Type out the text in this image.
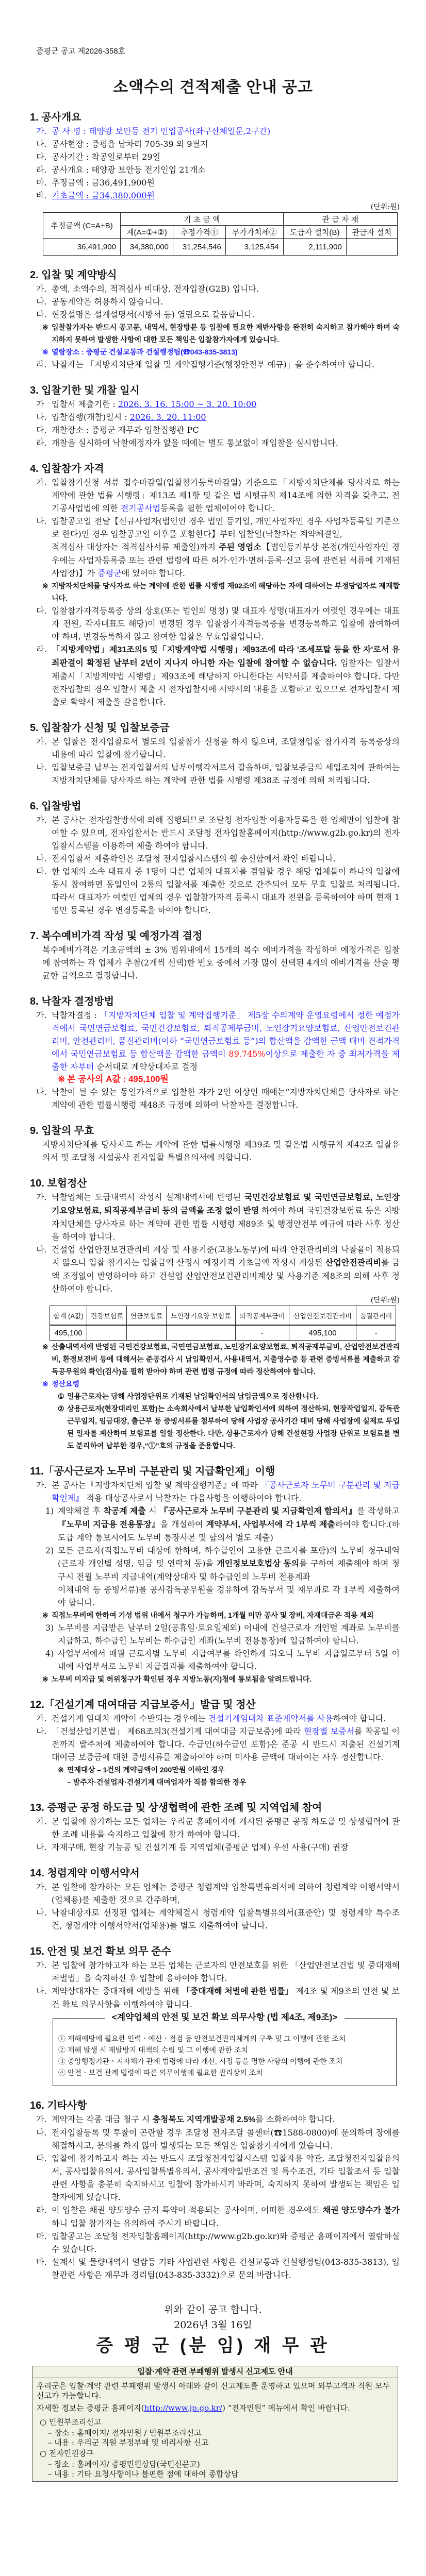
증평군 공고 제2026-358호
소액수의 견적제출 안내 공고
1. 공사개요
가. 공 사 명 : 태양광 보안등 전기 인입공사(좌구산체일문,2구간)
나. 공사현장 : 증평읍 남차리 705-39 외 9필지
다. 공사기간 : 착공일로부터 29일
라. 공사개요 : 태양광 보안등 전기인입 21개소
마. 추정금액 : 금36,491,900원
바. 기초금액 : 금34,380,000원
(단위:원)
추정금액 (C=A+B)	기 초 금 액			관 급 자 재	
	계(A=①+②)	추정가격①	부가가치세②	도급자 설치(B)	관급자 설치
36,491,900	34,380,000	31,254,546	3,125,454	2,111,900	
2. 입찰 및 계약방식
가. 총액, 소액수의, 적격심사 비대상, 전자입찰(G2B) 입니다.
나. 공동계약은 허용하지 않습니다.
다. 현장설명은 설계설명서(시방서 등) 열람으로 갈음합니다.
※ 입찰참가자는 반드시 공고문, 내역서, 현장방문 등 입찰에 필요한 제반사항을 완전히 숙지하고 참가해야 하며 숙지하지 못하여 발생한 사항에 대한 모든 책임은 입찰참가자에게 있습니다.
※ 열람장소 : 증평군 건설교통과 건설행정팀(☎043-835-3813)
라. 낙찰자는 「지방자치단체 입찰 및 계약집행기준(행정안전부 예규)」을 준수하여야 합니다.
3. 입찰기한 및 개찰 일시
가 입찰서 제출기한 : 2026. 3. 16. 15:00 ~ 3. 20. 10:00
나. 입찰집행(개찰)일시 : 2026. 3. 20. 11:00
다. 개찰장소 : 증평군 재무과 입찰집행관 PC
라. 개찰을 실시하여 낙찰예정자가 없을 때에는 별도 통보없이 재입찰을 실시합니다.
4. 입찰참가 자격
가. 입찰참가신청 서류 접수마감일(입찰참가등록마감일) 기준으로「지방자치단체를 당사자로 하는 계약에 관한 법률 시행령」제13조 제1항 및 같은 법 시행규칙 제14조에 의한 자격을 갖추고, 전기공사업법에 의한 전기공사업등록을 필한 업체이어야 합니다.
나. 입찰공고일 전날【신규사업자(법인인 경우 법인 등기일, 개인사업자인 경우 사업자등록일 기준으로 한다)인 경우 입찰공고일 이후를 포함한다】부터 입찰일(낙찰자는 계약체결일,
적격심사 대상자는 적격심사서류 제출일)까지 주된 영업소【법인등기부상 본점(개인사업자인 경우에는 사업자등록증 또는 관련 법령에 따른 허가·인가·면허·등록·신고 등에 관련된 서류에 기재된 사업장)】가 증평군에 있어야 합니다.
※ 지방자치단체를 당사자로 하는 계약에 관한 법률 시행령 제92조에 해당하는 자에 대하여는 부정당업자로 제재합니다.
다. 입찰참가자격등록증 상의 상호(또는 법인의 명칭) 및 대표자 성명(대표자가 여럿인 경우에는 대표자 전원, 각자대표도 해당)이 변경된 경우 입찰참가자격등록증을 변경등록하고 입찰에 참여하여야 하며, 변경등록하지 않고 참여한 입찰은 무효입찰입니다.
라. 「지방계약법」제31조의5 및「지방계약법 시행령」제93조에 따라 '조세포탈 등을 한 자'로서 유죄판결이 확정된 날부터 2년이 지나지 아니한 자는 입찰에 참여할 수 없습니다. 입찰자는 입찰서 제출시「지방계약법 시행령」제93조에 해당하지 아니한다는 서약서를 제출하여야 합니다. 다만 전자입찰의 경우 입찰서 제출 시 전자입찰서에 서약서의 내용을 포함하고 있으므로 전자입찰서 제출로 확약서 제출을 갈음합니다.
5. 입찰참가 신청 및 입찰보증금
가. 본 입찰은 전자입찰로서 별도의 입찰참가 신청을 하지 않으며, 조달청입찰 참가자격 등록증상의 내용에 따라 입찰에 참가합니다.
나. 입찰보증금 납부는 전자입찰서의 납부이행각서로서 갈음하며, 입찰보증금의 세입조치에 관하여는 지방자치단체를 당사자로 하는 계약에 관한 법률 시행령 제38조 규정에 의해 처리됩니다.
6. 입찰방법
가. 본 공사는 전자입찰방식에 의해 집행되므로 조달청 전자입찰 이용자등록을 한 업체만이 입찰에 참여할 수 있으며, 전자입찰서는 반드시 조달청 전자입찰홈페이지(http://www.g2b.go.kr)의 전자입찰시스템을 이용하여 제출 하여야 합니다.
나. 전자입찰서 제출확인은 조달청 전자입찰시스템의 웹 송신함에서 확인 바랍니다.
다. 한 업체의 소속 대표자 중 1명이 다른 업체의 대표자를 겸임할 경우 해당 업체들이 하나의 입찰에 동시 참여하면 동일인이 2통의 입찰서를 제출한 것으로 간주되어 모두 무효 입찰로 처리됩니다. 따라서 대표자가 여럿인 업체의 경우 입찰참가자격 등록시 대표자 전원을 등록하여야 하며 현재 1명만 등록된 경우 변경등록을 하여야 합니다.
7. 복수예비가격 작성 및 예정가격 결정
복수예비가격은 기초금액의 ± 3% 범위내에서 15개의 복수 예비가격을 작성하며 예정가격은 입찰에 참여하는 각 업체가 추첨(2개씩 선택)한 번호 중에서 가장 많이 선택된 4개의 예비가격을 산술 평균한 금액으로 결정합니다.
8. 낙찰자 결정방법
가. 낙찰자결정 : 「지방자치단체 입찰 및 계약집행기준」 제5장 수의계약 운영요령에서 정한 예정가격에서 국민연금보험료, 국민건강보험료, 퇴직공제부금비, 노인장기요양보험료, 산업안전보건관리비, 안전관리비, 품질관리비(이하 “국민연금보험료 등”)의 합산액을 감액한 금액 대비 견적가격에서 국민연금보험료 등 합산액을 감액한 금액이 89.745%이상으로 제출한 자 중 최저가격을 제출한 자부터 순서대로 계약상대자로 결정
※ 본 공사의 A값 : 495,100원
나. 낙찰이 될 수 있는 동일가격으로 입찰한 자가 2인 이상인 때에는“지방자치단체를 당사자로 하는 계약에 관한 법률시행령 제48조 규정에 의하여 낙찰자를 결정합니다.
9. 입찰의 무효
지방자치단체를 당사자로 하는 계약에 관한 법률시행령 제39조 및 같은법 시행규칙 제42조 입찰유의서 및 조달청 시설공사 전자입찰 특별유의서에 의합니다.
10. 보험정산
가. 낙찰업체는 도급내역서 작성시 설계내역서에 반영된 국민건강보험료 및 국민연금보험료, 노인장기요양보험료, 퇴직공제부금비 등의 금액을 조정 없이 반영 하여야 하며 국민건강보험료 등은 지방자치단체를 당사자로 하는 계약에 관한 법률 시행령 제89조 및 행정안전부 예규에 따라 사후 정산을 하여야 합니다.
나. 건설업 산업안전보건관리비 계상 및 사용기준(고용노동부)에 따라 안전관리비의 낙찰율이 적용되지 않으니 입찰 참가자는 입찰금액 산정시 예정가격 기초금액 작성시 계상된 산업안전관리비를 금액 조정없이 반영하여야 하고 건설업 산업안전보건관리비계상 및 사용기준 제8조의 의해 사후 정산하여야 합니다.
(단위:원)
합계 (A값)	건강보험료	연금보험료	노인장기요양 보험료	퇴직공제부금비	산업안전보건관리비	품질관리비
495,100				-	495,100	-
※ 산출내역서에 반영된 국민건강보험료, 국민연금보험료, 노인장기요양보험료, 퇴직공제부금비, 산업안전보건관리비, 환경보전비 등에 대해서는 준공검사 시 납입확인서, 사용내역서, 지출영수증 등 관련 증빙서류를 제출하고 감독공무원의 확인(검사)을 필히 받아야 하며 관련 법령 규정에 따라 정산하여야 합니다.
※ 정산요령
① 일용근로자는 당해 사업장단위로 기재된 납입확인서의 납입금액으로 정산합니다.
② 상용근로자(현장대리인 포함)는 소속회사에서 납부한 납입확인서에 의하여 정산하되, 현장작업일지, 감독관근무일지, 임금대장, 출근부 등 증빙서류를 첨부하여 당해 사업장 공사기간 대비 당해 사업장에 실제로 투입된 일자를 계산하여 보험료를 일할 정산한다. 다만, 상용근로자가 당해 건설현장 사업장 단위로 보험료를 별도 분리하여 납부한 경우,“①”호의 규정을 준용합니다.
11.「공사근로자 노무비 구분관리 및 지급확인제」이행
가. 본 공사는『지방자치단체 입찰 및 계약집행기준』에 따라 『공사근로자 노무비 구분관리 및 지급확인제』 적용 대상공사로서 낙찰자는 다음사항을 이행하여야 합니다.
1) 계약체결 후 착공계 제출 시 『공사근로자 노무비 구분관리 및 지급확인제 합의서』를 작성하고 『노무비 지급용 전용통장』을 개설하여 계약부서, 사업부서에 각 1부씩 제출하여야 합니다.(하도급 계약 통보시에도 노무비 통장사본 및 합의서 별도 제출)
2) 모든 근로자(직접노무비 대상에 한하며, 하수급인이 고용한 근로자를 포함)의 노무비 청구내역(근로자 개인별 성명, 임금 및 연락처 등)을 개인정보보호법상 동의를 구하여 제출해야 하며 청구시 전월 노무비 지급내역(계약상대자 및 하수급인의 노무비 전용계좌
이체내역 등 증빙서류)를 공사감독공무원을 경유하여 감독부서 및 재무과로 각 1부씩 제출하여야 합니다.
※ 직접노무비에 한하여 기성 범위 내에서 청구가 가능하며, 1개월 미만 공사 및 장비, 자재대금은 적용 제외
3) 노무비를 지급받은 날부터 2일(공휴일·토요일제외) 이내에 건설근로자 개인별 계좌로 노무비를 지급하고, 하수급인 노무비는 하수급인 계좌(노무비 전용통장)에 입금하여야 합니다.
4) 사업부서에서 매월 근로자별 노무비 지급여부를 확인하게 되오니 노무비 지급일로부터 5일 이내에 사업부서로 노무비 지급결과를 제출하여야 합니다.
※ 노무비 미지급 및 허위청구가 확인된 경우 지방노동(지)청에 통보됨을 알려드립니다.
12.「건설기계 대여대금 지급보증서」발급 및 정산
가. 건설기계 임대차 계약이 수반되는 경우에는 건설기계임대차 표준계약서를 사용하여야 합니다.
나. 「건설산업기본법」 제68조의3(건설기계 대여대금 지급보증)에 따라 현장별 보증서를 착공일 이전까지 발주처에 제출하여야 합니다. 수급인(하수급인 포함)은 준공 시 반드시 지출된 건설기계 대여금 보증금에 대한 증빙서류를 제출하여야 하며 미사용 금액에 대하여는 사후 정산합니다.
※ 면제대상 – 1건의 계약금액이 200만원 이하인 경우
– 발주자·건설업자·건설기계 대여업자가 직불 합의한 경우
13. 증평군 공정 하도급 및 상생협력에 관한 조례 및 지역업체 참여
가. 본 입찰에 참가하는 모든 업체는 우리군 홈페이지에 게시된 증평군 공정 하도급 및 상생협력에 관한 조례 내용을 숙지하고 입찰에 참가 하여야 합니다.
나. 자재구매, 현장 기능공 및 건설기계 등 지역업체(증평군 업체) 우선 사용(구매) 권장
14. 청렴계약 이행서약서
가. 본 입찰에 참가하는 모든 업체는 증평군 청렴계약 입찰특별유의서에 의하여 청렴계약 이행서약서(업체용)를 제출한 것으로 간주하며,
나. 낙찰대상자로 선정된 업체는 계약체결시 청렴계약 입찰특별유의서(표준안) 및 청렴계약 특수조건, 청렴계약 이행서약서(업체용)를 별도 제출하여야 합니다.
15. 안전 및 보건 확보 의무 준수
가. 본 입찰에 참가하고자 하는 모든 업체는 근로자의 안전보호를 위한 「산업안전보건법 및 중대재해처벌법」을 숙지하신 후 입찰에 응하여야 합니다.
나. 계약상대자는 중대재해 예방을 위해 「중대재해 처벌에 관한 법률」 제4조 및 제9조의 안전 및 보건 확보 의무사항을 이행하여야 합니다.
<계약업체의 안전 및 보건 확보 의무사항 (법 제4조, 제9조)>
① 재해예방에 필요한 인력ㆍ예산ㆍ점검 등 안전보건관리체계의 구축 및 그 이행에 관한 조치
② 재해 발생 시 재발방지 대책의 수립 및 그 이행에 관한 조치
③ 중앙행정기관ㆍ지자체가 관계 법령에 따라 개선, 시정 등을 명한 사항의 이행에 관한 조치
④ 안전ㆍ보건 관계 법령에 따른 의무이행에 필요한 관리상의 조치
16. 기타사항
가. 계약자는 각종 대금 청구 시 충청북도 지역개발공채 2.5%를 소화하여야 합니다.
나. 전자입찰등록 및 투찰이 곤란할 경우 조달청 전자조달 콜센터(☎1588-0800)에 문의하여 장애를 해결하시고, 문의를 하지 않아 발생되는 모든 책임은 입찰참가자에게 있습니다.
다. 입찰에 참가하고자 하는 자는 반드시 조달청전자입찰시스템 입찰자용 약관, 조달청전자입찰유의서, 공사입찰유의서, 공사입찰특별유의서, 공사계약일반조건 및 특수조건, 기타 입찰조서 등 입찰관련 사항을 충분히 숙지하시고 입찰에 참가하시기 바라며, 숙지하지 못하여 발생되는 책임은 입찰자에게 있습니다.
라. 이 입찰은 채권 양도양수 금지 특약이 적용되는 공사이며, 어떠한 경우에도 채권 양도양수가 불가하니 입찰 참가자는 유의하여 주시기 바랍니다.
마. 입찰공고는 조달청 전자입찰홈페이지(http://www.g2b.go.kr)와 증평군 홈페이지에서 열람하실 수 있습니다.
바. 설계서 및 물량내역서 열람등 기타 사업관련 사항은 건설교통과 건설행정팀(043-835-3813), 입찰관련 사항은 재무과 경리팀(043-835-3332)으로 문의 바랍니다.
위와 같이 공고 합니다.
2026년 3월 16일
증 평 군 (분 임) 재 무 관
입찰·계약 관련 부패행위 발생시 신고제도 안내

우리군은 입찰·계약 관련 부패행위 발생시 아래와 같이 신고제도를 운영하고 있으며 외부고객과 직원 모두 신고가 가능합니다.

자세한 정보는 증평군 홈페이지(http://www.jp.go.kr/) “전자민원” 메뉴에서 확인 바랍니다.

○ 민원부조리신고
– 장소 : 홈페이지/ 전자민원 / 민원부조리신고
– 내용 : 우리군 직원 부정부패 및 비리사항 신고
○ 전자민원창구
– 장소 : 홈페이지/ 증평민원상담(국민신문고)
– 내용 : 기타 요청사항이나 불편한 점에 대하여 종합상담
